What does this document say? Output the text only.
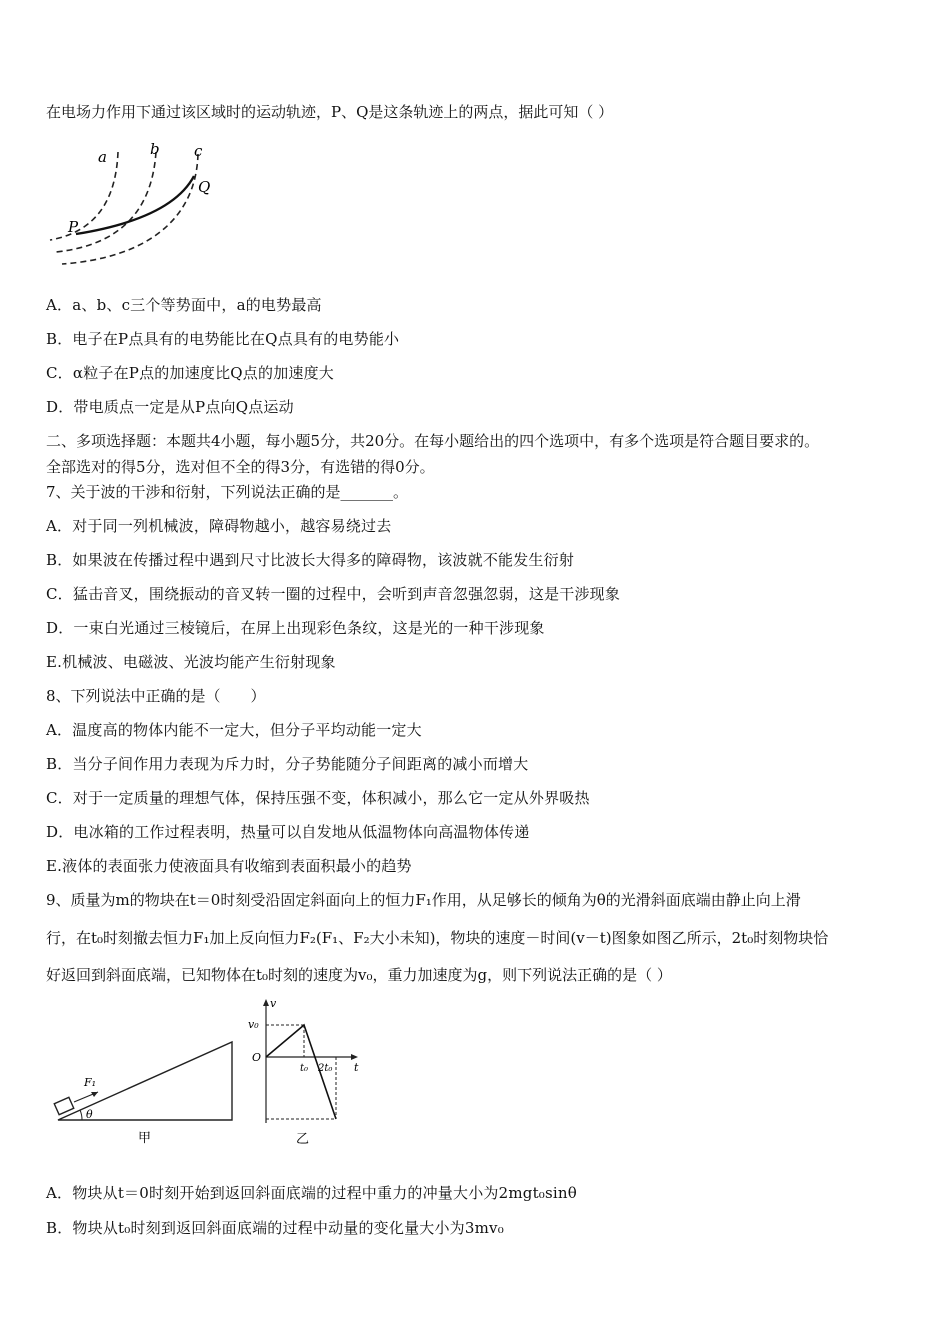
在电场力作用下通过该区域时的运动轨迹，P、Q是这条轨迹上的两点，据此可知（ ）
a	b c
P
Q
A．a、b、c三个等势面中，a的电势最高
B．电子在P点具有的电势能比在Q点具有的电势能小
C．α粒子在P点的加速度比Q点的加速度大
D．带电质点一定是从P点向Q点运动
二、多项选择题：本题共4小题，每小题5分，共20分。在每小题给出的四个选项中，有多个选项是符合题目要求的。
全部选对的得5分，选对但不全的得3分，有选错的得0分。
7、关于波的干涉和衍射，下列说法正确的是_______。
A．对于同一列机械波，障碍物越小，越容易绕过去
B．如果波在传播过程中遇到尺寸比波长大得多的障碍物，该波就不能发生衍射
C．猛击音叉，围绕振动的音叉转一圈的过程中，会听到声音忽强忽弱，这是干涉现象
D．一束白光通过三棱镜后，在屏上出现彩色条纹，这是光的一种干涉现象
E.机械波、电磁波、光波均能产生衍射现象
8、下列说法中正确的是（　　）
A．温度高的物体内能不一定大，但分子平均动能一定大
B．当分子间作用力表现为斥力时，分子势能随分子间距离的减小而增大
C．对于一定质量的理想气体，保持压强不变，体积减小，那么它一定从外界吸热
D．电冰箱的工作过程表明，热量可以自发地从低温物体向高温物体传递
E.液体的表面张力使液面具有收缩到表面积最小的趋势
9、质量为m的物块在t＝0时刻受沿固定斜面向上的恒力F₁作用，从足够长的倾角为θ的光滑斜面底端由静止向上滑
行，在t₀时刻撤去恒力F₁加上反向恒力F₂(F₁、F₂大小未知)，物块的速度－时间(v－t)图象如图乙所示，2t₀时刻物块恰
好返回到斜面底端，已知物体在t₀时刻的速度为v₀，重力加速度为g，则下列说法正确的是（ ）
F₁
θ
甲
v
v₀
O
t₀ 2t₀ t
乙
A．物块从t＝0时刻开始到返回斜面底端的过程中重力的冲量大小为2mgt₀sinθ
B．物块从t₀时刻到返回斜面底端的过程中动量的变化量大小为3mv₀
